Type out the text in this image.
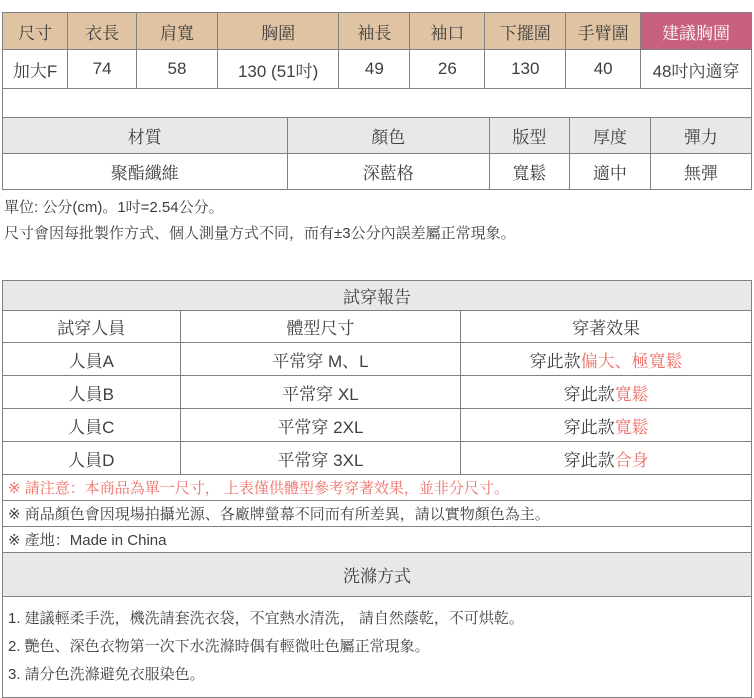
尺寸	衣長	肩寬	胸圍	袖長	袖口	下擺圍	手臂圍	建議胸圍
加大F	74	58	130 (51吋)	49	26	130	40	48吋內適穿
材質	顏色	版型	厚度	彈力
聚酯纖維	深藍格	寬鬆	適中	無彈

單位: 公分(cm)。1吋=2.54公分。

尺寸會因每批製作方式、個人測量方式不同，而有±3公分內誤差屬正常現象。

試穿報告		
試穿人員	體型尺寸	穿著效果
人員A	平常穿 M、L	穿此款偏大、極寬鬆
人員B	平常穿 XL	穿此款寬鬆
人員C	平常穿 2XL	穿此款寬鬆
人員D	平常穿 3XL	穿此款合身
※ 請注意：本商品為單一尺寸， 上表僅供體型參考穿著效果，並非分尺寸。		
※ 商品顏色會因現場拍攝光源、各廠牌螢幕不同而有所差異，請以實物顏色為主。		
※ 產地：Made in China		
洗滌方式		

1. 建議輕柔手洗，機洗請套洗衣袋，不宜熱水清洗， 請自然蔭乾，不可烘乾。
2. 艷色、深色衣物第一次下水洗滌時偶有輕微吐色屬正常現象。
3. 請分色洗滌避免衣服染色。		
